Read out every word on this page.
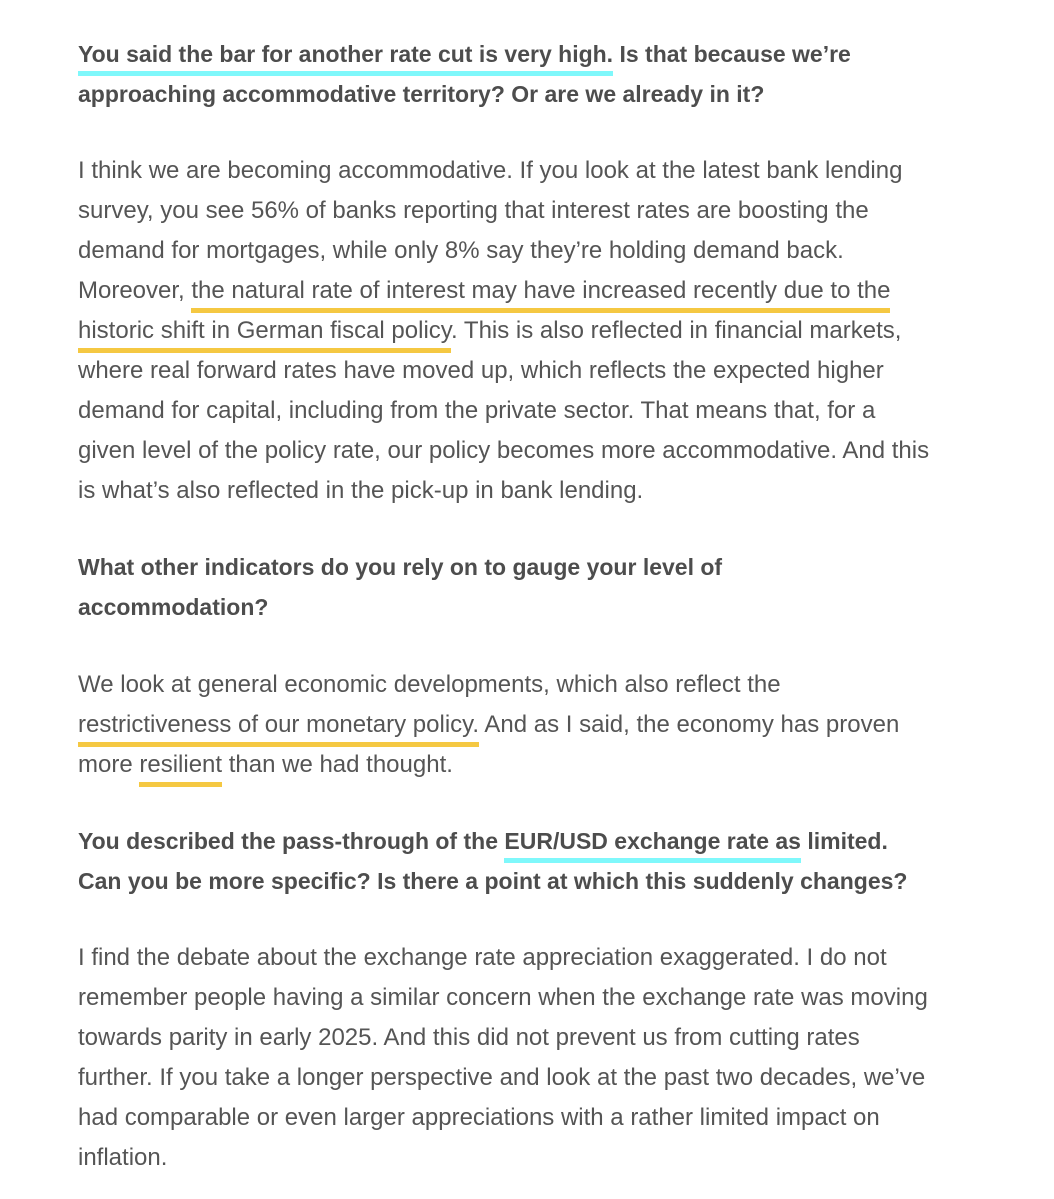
You said the bar for another rate cut is very high. Is that because we’re
approaching accommodative territory? Or are we already in it?
I think we are becoming accommodative. If you look at the latest bank lending
survey, you see 56% of banks reporting that interest rates are boosting the
demand for mortgages, while only 8% say they’re holding demand back.
Moreover, the natural rate of interest may have increased recently due to the
historic shift in German fiscal policy. This is also reflected in financial markets,
where real forward rates have moved up, which reflects the expected higher
demand for capital, including from the private sector. That means that, for a
given level of the policy rate, our policy becomes more accommodative. And this
is what’s also reflected in the pick-up in bank lending.
What other indicators do you rely on to gauge your level of
accommodation?
We look at general economic developments, which also reflect the
restrictiveness of our monetary policy. And as I said, the economy has proven
more resilient than we had thought.
You described the pass-through of the EUR/USD exchange rate as limited.
Can you be more specific? Is there a point at which this suddenly changes?
I find the debate about the exchange rate appreciation exaggerated. I do not
remember people having a similar concern when the exchange rate was moving
towards parity in early 2025. And this did not prevent us from cutting rates
further. If you take a longer perspective and look at the past two decades, we’ve
had comparable or even larger appreciations with a rather limited impact on
inflation.
